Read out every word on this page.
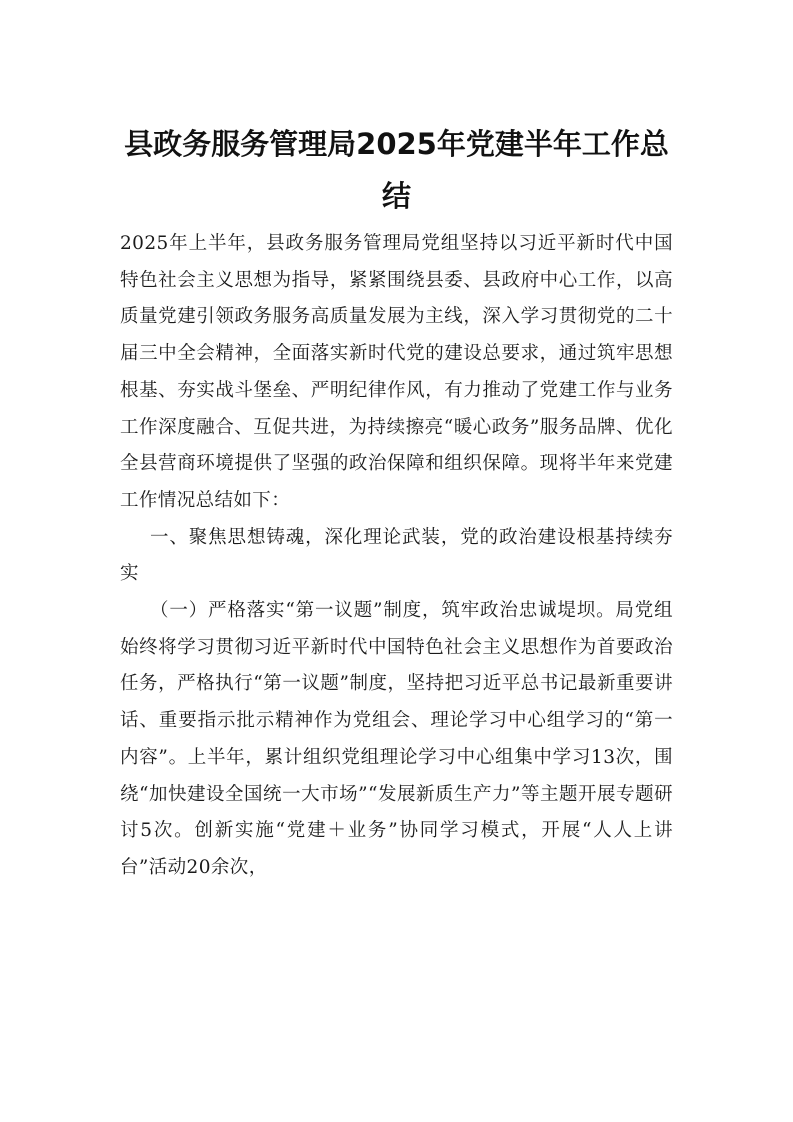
县政务服务管理局2025年党建半年工作总结

2025年上半年，县政务服务管理局党组坚持以习近平新时代中国特色社会主义思想为指导，紧紧围绕县委、县政府中心工作，以高质量党建引领政务服务高质量发展为主线，深入学习贯彻党的二十届三中全会精神，全面落实新时代党的建设总要求，通过筑牢思想根基、夯实战斗堡垒、严明纪律作风，有力推动了党建工作与业务工作深度融合、互促共进，为持续擦亮“暖心政务”服务品牌、优化全县营商环境提供了坚强的政治保障和组织保障。现将半年来党建工作情况总结如下：

一、聚焦思想铸魂，深化理论武装，党的政治建设根基持续夯实

（一）严格落实“第一议题”制度，筑牢政治忠诚堤坝。局党组始终将学习贯彻习近平新时代中国特色社会主义思想作为首要政治任务，严格执行“第一议题”制度，坚持把习近平总书记最新重要讲话、重要指示批示精神作为党组会、理论学习中心组学习的“第一内容”。上半年，累计组织党组理论学习中心组集中学习13次，围绕“加快建设全国统一大市场”“发展新质生产力”等主题开展专题研讨5次。创新实施“党建＋业务”协同学习模式，开展“人人上讲台”活动20余次，
